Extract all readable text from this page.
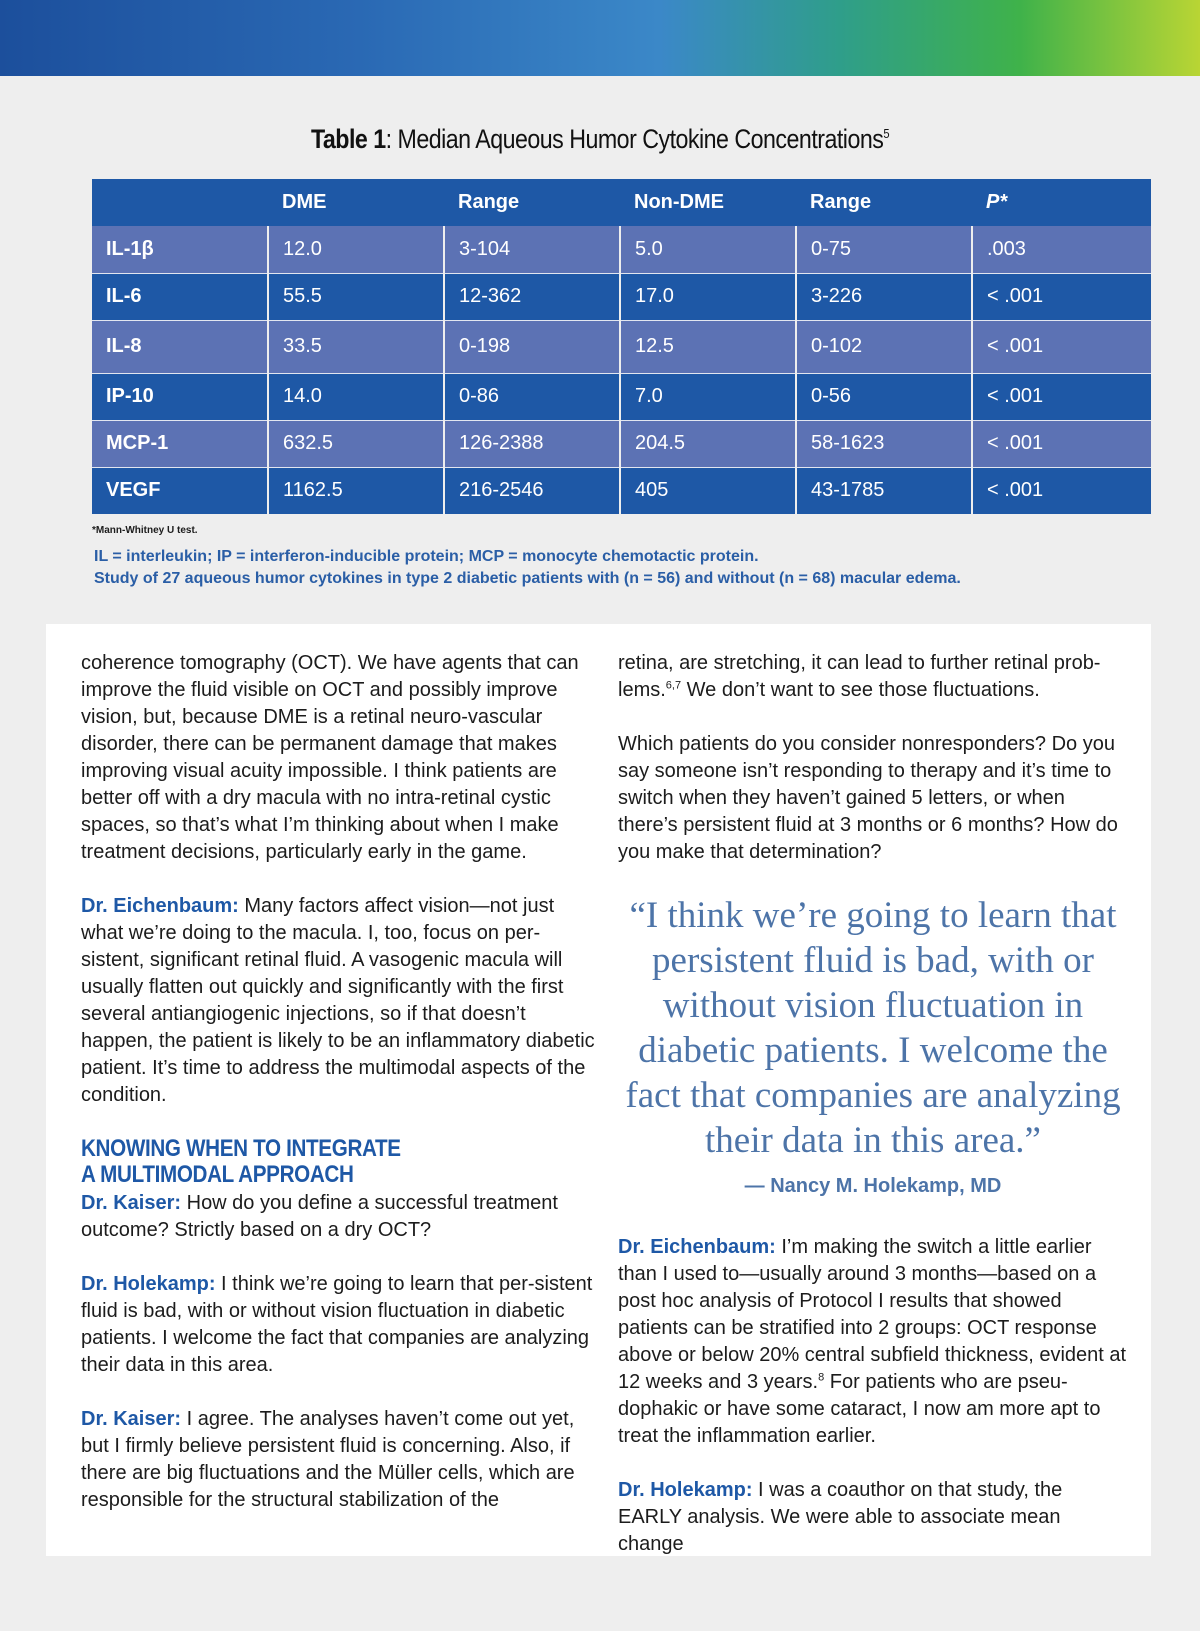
Table 1: Median Aqueous Humor Cytokine Concentrations$^5$
	DME	Range	Non-DME	Range	P*
IL-1β	12.0	3-104	5.0	0-75	.003
IL-6	55.5	12-362	17.0	3-226	< .001
IL-8	33.5	0-198	12.5	0-102	< .001
IP-10	14.0	0-86	7.0	0-56	< .001
MCP-1	632.5	126-2388	204.5	58-1623	< .001
VEGF	1162.5	216-2546	405	43-1785	< .001
*Mann-Whitney U test.
IL = interleukin; IP = interferon-inducible protein; MCP = monocyte chemotactic protein.
Study of 27 aqueous humor cytokines in type 2 diabetic patients with (n = 56) and without (n = 68) macular edema.

coherence tomography (OCT). We have agents that can improve the fluid visible on OCT and possibly improve vision, but, because DME is a retinal neuro-vascular disorder, there can be permanent damage that makes improving visual acuity impossible. I think patients are better off with a dry macula with no intra-retinal cystic spaces, so that’s what I’m thinking about when I make treatment decisions, particularly early in the game.

Dr. Eichenbaum: Many factors affect vision—not just what we’re doing to the macula. I, too, focus on per-sistent, significant retinal fluid. A vasogenic macula will usually flatten out quickly and significantly with the first several antiangiogenic injections, so if that doesn’t happen, the patient is likely to be an inflammatory diabetic patient. It’s time to address the multimodal aspects of the condition.

KNOWING WHEN TO INTEGRATE
A MULTIMODAL APPROACH

Dr. Kaiser: How do you define a successful treatment outcome? Strictly based on a dry OCT?

Dr. Holekamp: I think we’re going to learn that per-sistent fluid is bad, with or without vision fluctuation in diabetic patients. I welcome the fact that companies are analyzing their data in this area.

Dr. Kaiser: I agree. The analyses haven’t come out yet, but I firmly believe persistent fluid is concerning. Also, if there are big fluctuations and the Müller cells, which are responsible for the structural stabilization of the

retina, are stretching, it can lead to further retinal prob-lems.$^{6,7}$ We don’t want to see those fluctuations.

Which patients do you consider nonresponders? Do you say someone isn’t responding to therapy and it’s time to switch when they haven’t gained 5 letters, or when there’s persistent fluid at 3 months or 6 months? How do you make that determination?

“I think we’re going to learn that persistent fluid is bad, with or without vision fluctuation in diabetic patients. I welcome the fact that companies are analyzing their data in this area.”
— Nancy M. Holekamp, MD

Dr. Eichenbaum: I’m making the switch a little earlier than I used to—usually around 3 months—based on a post hoc analysis of Protocol I results that showed patients can be stratified into 2 groups: OCT response above or below 20% central subfield thickness, evident at 12 weeks and 3 years.$^8$ For patients who are pseu-dophakic or have some cataract, I now am more apt to treat the inflammation earlier.

Dr. Holekamp: I was a coauthor on that study, the EARLY analysis. We were able to associate mean change
